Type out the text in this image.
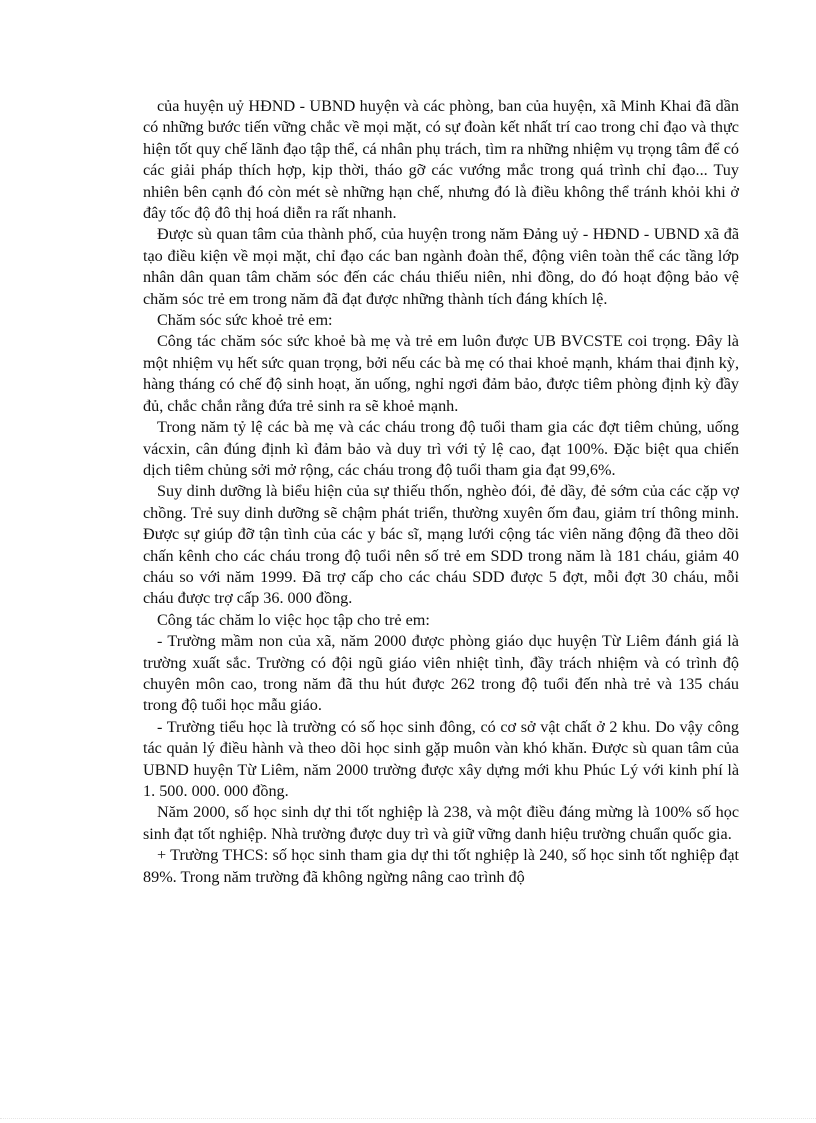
của huyện uỷ HĐND - UBND huyện và các phòng, ban của huyện, xã Minh Khai đã dần có những bước tiến vững chắc về mọi mặt, có sự đoàn kết nhất trí cao trong chỉ đạo và thực hiện tốt quy chế lãnh đạo tập thể, cá nhân phụ trách, tìm ra những nhiệm vụ trọng tâm để có các giải pháp thích hợp, kịp thời, tháo gỡ các vướng mắc trong quá trình chỉ đạo... Tuy nhiên bên cạnh đó còn mét sè những hạn chế, nhưng đó là điều không thể tránh khỏi khi ở đây tốc độ đô thị hoá diễn ra rất nhanh.

Được sù quan tâm của thành phố, của huyện trong năm Đảng uỷ - HĐND - UBND xã đã tạo điều kiện về mọi mặt, chỉ đạo các ban ngành đoàn thể, động viên toàn thể các tầng lớp nhân dân quan tâm chăm sóc đến các cháu thiếu niên, nhi đồng, do đó hoạt động bảo vệ chăm sóc trẻ em trong năm đã đạt được những thành tích đáng khích lệ.

Chăm sóc sức khoẻ trẻ em:

Công tác chăm sóc sức khoẻ bà mẹ và trẻ em luôn được UB BVCSTE coi trọng. Đây là một nhiệm vụ hết sức quan trọng, bởi nếu các bà mẹ có thai khoẻ mạnh, khám thai định kỳ, hàng tháng có chế độ sinh hoạt, ăn uống, nghỉ ngơi đảm bảo, được tiêm phòng định kỳ đầy đủ, chắc chắn rằng đứa trẻ sinh ra sẽ khoẻ mạnh.

Trong năm tỷ lệ các bà mẹ và các cháu trong độ tuổi tham gia các đợt tiêm chủng, uống vácxin, cân đúng định kì đảm bảo và duy trì với tỷ lệ cao, đạt 100%. Đặc biệt qua chiến dịch tiêm chủng sởi mở rộng, các cháu trong độ tuổi tham gia đạt 99,6%.

Suy dinh dưỡng là biểu hiện của sự thiếu thốn, nghèo đói, đẻ dầy, đẻ sớm của các cặp vợ chồng. Trẻ suy dinh dưỡng sẽ chậm phát triển, thường xuyên ốm đau, giảm trí thông minh. Được sự giúp đỡ tận tình của các y bác sĩ, mạng lưới cộng tác viên năng động đã theo dõi chấn kênh cho các cháu trong độ tuổi nên số trẻ em SDD trong năm là 181 cháu, giảm 40 cháu so với năm 1999. Đã trợ cấp cho các cháu SDD được 5 đợt, mỗi đợt 30 cháu, mỗi cháu được trợ cấp 36. 000 đồng.

Công tác chăm lo việc học tập cho trẻ em:

- Trường mầm non của xã, năm 2000 được phòng giáo dục huyện Từ Liêm đánh giá là trường xuất sắc. Trường có đội ngũ giáo viên nhiệt tình, đầy trách nhiệm và có trình độ chuyên môn cao, trong năm đã thu hút được 262 trong độ tuổi đến nhà trẻ và 135 cháu trong độ tuổi học mẫu giáo.

- Trường tiểu học là trường có số học sinh đông, có cơ sở vật chất ở 2 khu. Do vậy công tác quản lý điều hành và theo dõi học sinh gặp muôn vàn khó khăn. Được sù quan tâm của UBND huyện Từ Liêm, năm 2000 trường được xây dựng mới khu Phúc Lý với kinh phí là 1. 500. 000. 000 đồng.

Năm 2000, số học sinh dự thi tốt nghiệp là 238, và một điều đáng mừng là 100% số học sinh đạt tốt nghiệp. Nhà trường được duy trì và giữ vững danh hiệu trường chuẩn quốc gia.

+ Trường THCS: số học sinh tham gia dự thi tốt nghiệp là 240, số học sinh tốt nghiệp đạt 89%. Trong năm trường đã không ngừng nâng cao trình độ
